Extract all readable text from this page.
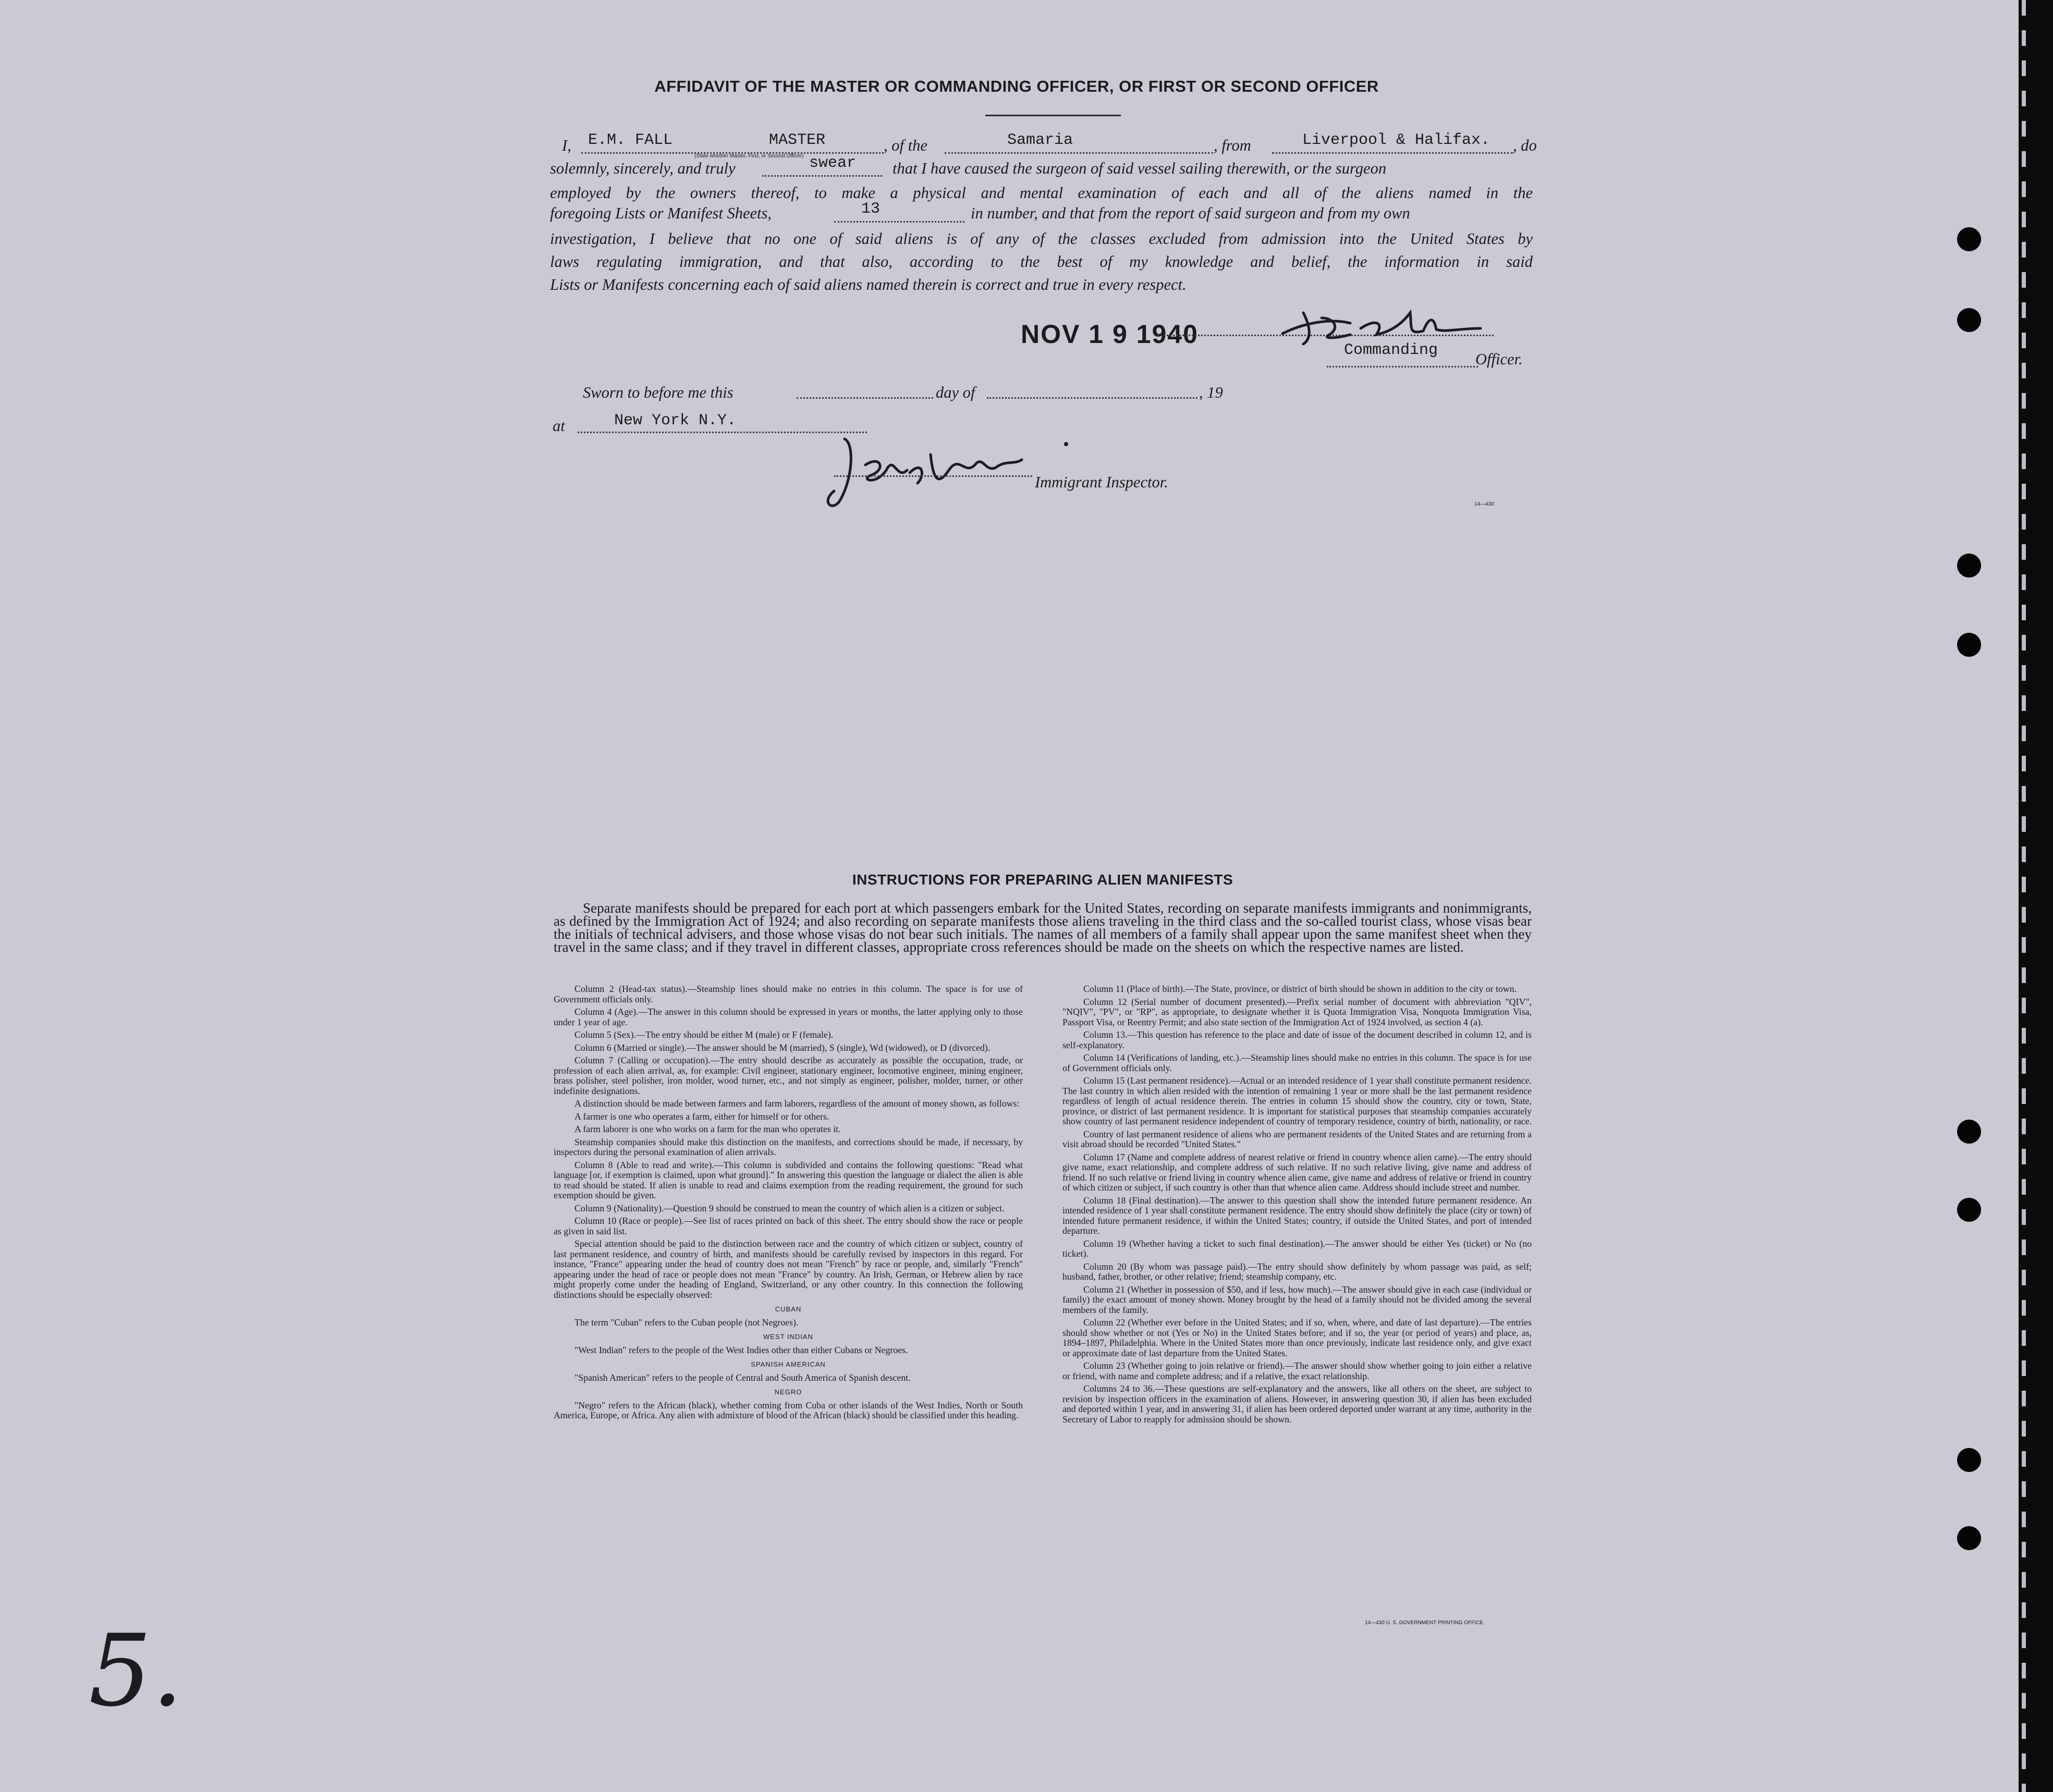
AFFIDAVIT OF THE MASTER OR COMMANDING OFFICER, OR FIRST OR SECOND OFFICER
I, E.M. FALL	MASTER
(State whether Master, First, or Second Officer)
, of the	Samaria	, from	Liverpool & Halifax. , do
solemnly, sincerely, and truly	swear that I have caused the surgeon of said vessel sailing therewith, or the surgeon
employed by the owners thereof, to make a physical and mental examination of each and all of the aliens named in the
foregoing Lists or Manifest Sheets,	13	in number, and that from the report of said surgeon and from my own
investigation, I believe that no one of said aliens is of any of the classes excluded from admission into the United States by
laws regulating immigration, and that also, according to the best of my knowledge and belief, the information in said
Lists or Manifests concerning each of said aliens named therein is correct and true in every respect.
NOV 1 9 1940
Commanding Officer.
Sworn to before me this	day of	, 19
at	New York N.Y.
Immigrant Inspector.
14—430
INSTRUCTIONS FOR PREPARING ALIEN MANIFESTS
Separate manifests should be prepared for each port at which passengers embark for the United States, recording on separate manifests immigrants and nonimmigrants, as defined by the Immigration Act of 1924; and also recording on separate manifests those aliens traveling in the third class and the so-called tourist class, whose visas bear the initials of technical advisers, and those whose visas do not bear such initials. The names of all members of a family shall appear upon the same manifest sheet when they travel in the same class; and if they travel in different classes, appropriate cross references should be made on the sheets on which the respective names are listed.

Column 2 (Head-tax status).—Steamship lines should make no entries in this column. The space is for use of Government officials only.

Column 4 (Age).—The answer in this column should be expressed in years or months, the latter applying only to those under 1 year of age.

Column 5 (Sex).—The entry should be either M (male) or F (female).

Column 6 (Married or single).—The answer should be M (married), S (single), Wd (widowed), or D (divorced).

Column 7 (Calling or occupation).—The entry should describe as accurately as possible the occupation, trade, or profession of each alien arrival, as, for example: Civil engineer, stationary engineer, locomotive engineer, mining engineer, brass polisher, steel polisher, iron molder, wood turner, etc., and not simply as engineer, polisher, molder, turner, or other indefinite designations.

A distinction should be made between farmers and farm laborers, regardless of the amount of money shown, as follows:

A farmer is one who operates a farm, either for himself or for others.

A farm laborer is one who works on a farm for the man who operates it.

Steamship companies should make this distinction on the manifests, and corrections should be made, if necessary, by inspectors during the personal examination of alien arrivals.

Column 8 (Able to read and write).—This column is subdivided and contains the following questions: "Read what language [or, if exemption is claimed, upon what ground]." In answering this question the language or dialect the alien is able to read should be stated. If alien is unable to read and claims exemption from the reading requirement, the ground for such exemption should be given.

Column 9 (Nationality).—Question 9 should be construed to mean the country of which alien is a citizen or subject.

Column 10 (Race or people).—See list of races printed on back of this sheet. The entry should show the race or people as given in said list.

Special attention should be paid to the distinction between race and the country of which citizen or subject, country of last permanent residence, and country of birth, and manifests should be carefully revised by inspectors in this regard. For instance, "France" appearing under the head of country does not mean "French" by race or people, and, similarly "French" appearing under the head of race or people does not mean "France" by country. An Irish, German, or Hebrew alien by race might properly come under the heading of England, Switzerland, or any other country. In this connection the following distinctions should be especially observed:

CUBAN

The term "Cuban" refers to the Cuban people (not Negroes).

WEST INDIAN

"West Indian" refers to the people of the West Indies other than either Cubans or Negroes.

SPANISH AMERICAN

"Spanish American" refers to the people of Central and South America of Spanish descent.

NEGRO

"Negro" refers to the African (black), whether coming from Cuba or other islands of the West Indies, North or South America, Europe, or Africa. Any alien with admixture of blood of the African (black) should be classified under this heading.

Column 11 (Place of birth).—The State, province, or district of birth should be shown in addition to the city or town.

Column 12 (Serial number of document presented).—Prefix serial number of document with abbreviation "QIV", "NQIV", "PV", or "RP", as appropriate, to designate whether it is Quota Immigration Visa, Nonquota Immigration Visa, Passport Visa, or Reentry Permit; and also state section of the Immigration Act of 1924 involved, as section 4 (a).

Column 13.—This question has reference to the place and date of issue of the document described in column 12, and is self-explanatory.

Column 14 (Verifications of landing, etc.).—Steamship lines should make no entries in this column. The space is for use of Government officials only.

Column 15 (Last permanent residence).—Actual or an intended residence of 1 year shall constitute permanent residence. The last country in which alien resided with the intention of remaining 1 year or more shall be the last permanent residence regardless of length of actual residence therein. The entries in column 15 should show the country, city or town, State, province, or district of last permanent residence. It is important for statistical purposes that steamship companies accurately show country of last permanent residence independent of country of temporary residence, country of birth, nationality, or race.

Country of last permanent residence of aliens who are permanent residents of the United States and are returning from a visit abroad should be recorded "United States."

Column 17 (Name and complete address of nearest relative or friend in country whence alien came).—The entry should give name, exact relationship, and complete address of such relative. If no such relative living, give name and address of friend. If no such relative or friend living in country whence alien came, give name and address of relative or friend in country of which citizen or subject, if such country is other than that whence alien came. Address should include street and number.

Column 18 (Final destination).—The answer to this question shall show the intended future permanent residence. An intended residence of 1 year shall constitute permanent residence. The entry should show definitely the place (city or town) of intended future permanent residence, if within the United States; country, if outside the United States, and port of intended departure.

Column 19 (Whether having a ticket to such final destination).—The answer should be either Yes (ticket) or No (no ticket).

Column 20 (By whom was passage paid).—The entry should show definitely by whom passage was paid, as self; husband, father, brother, or other relative; friend; steamship company, etc.

Column 21 (Whether in possession of $50, and if less, how much).—The answer should give in each case (individual or family) the exact amount of money shown. Money brought by the head of a family should not be divided among the several members of the family.

Column 22 (Whether ever before in the United States; and if so, when, where, and date of last departure).—The entries should show whether or not (Yes or No) in the United States before; and if so, the year (or period of years) and place, as, 1894–1897, Philadelphia. Where in the United States more than once previously, indicate last residence only, and give exact or approximate date of last departure from the United States.

Column 23 (Whether going to join relative or friend).—The answer should show whether going to join either a relative or friend, with name and complete address; and if a relative, the exact relationship.

Columns 24 to 36.—These questions are self-explanatory and the answers, like all others on the sheet, are subject to revision by inspection officers in the examination of aliens. However, in answering question 30, if alien has been excluded and deported within 1 year, and in answering 31, if alien has been ordered deported under warrant at any time, authority in the Secretary of Labor to reapply for admission should be shown.

14—430 U. S. GOVERNMENT PRINTING OFFICE
5.
